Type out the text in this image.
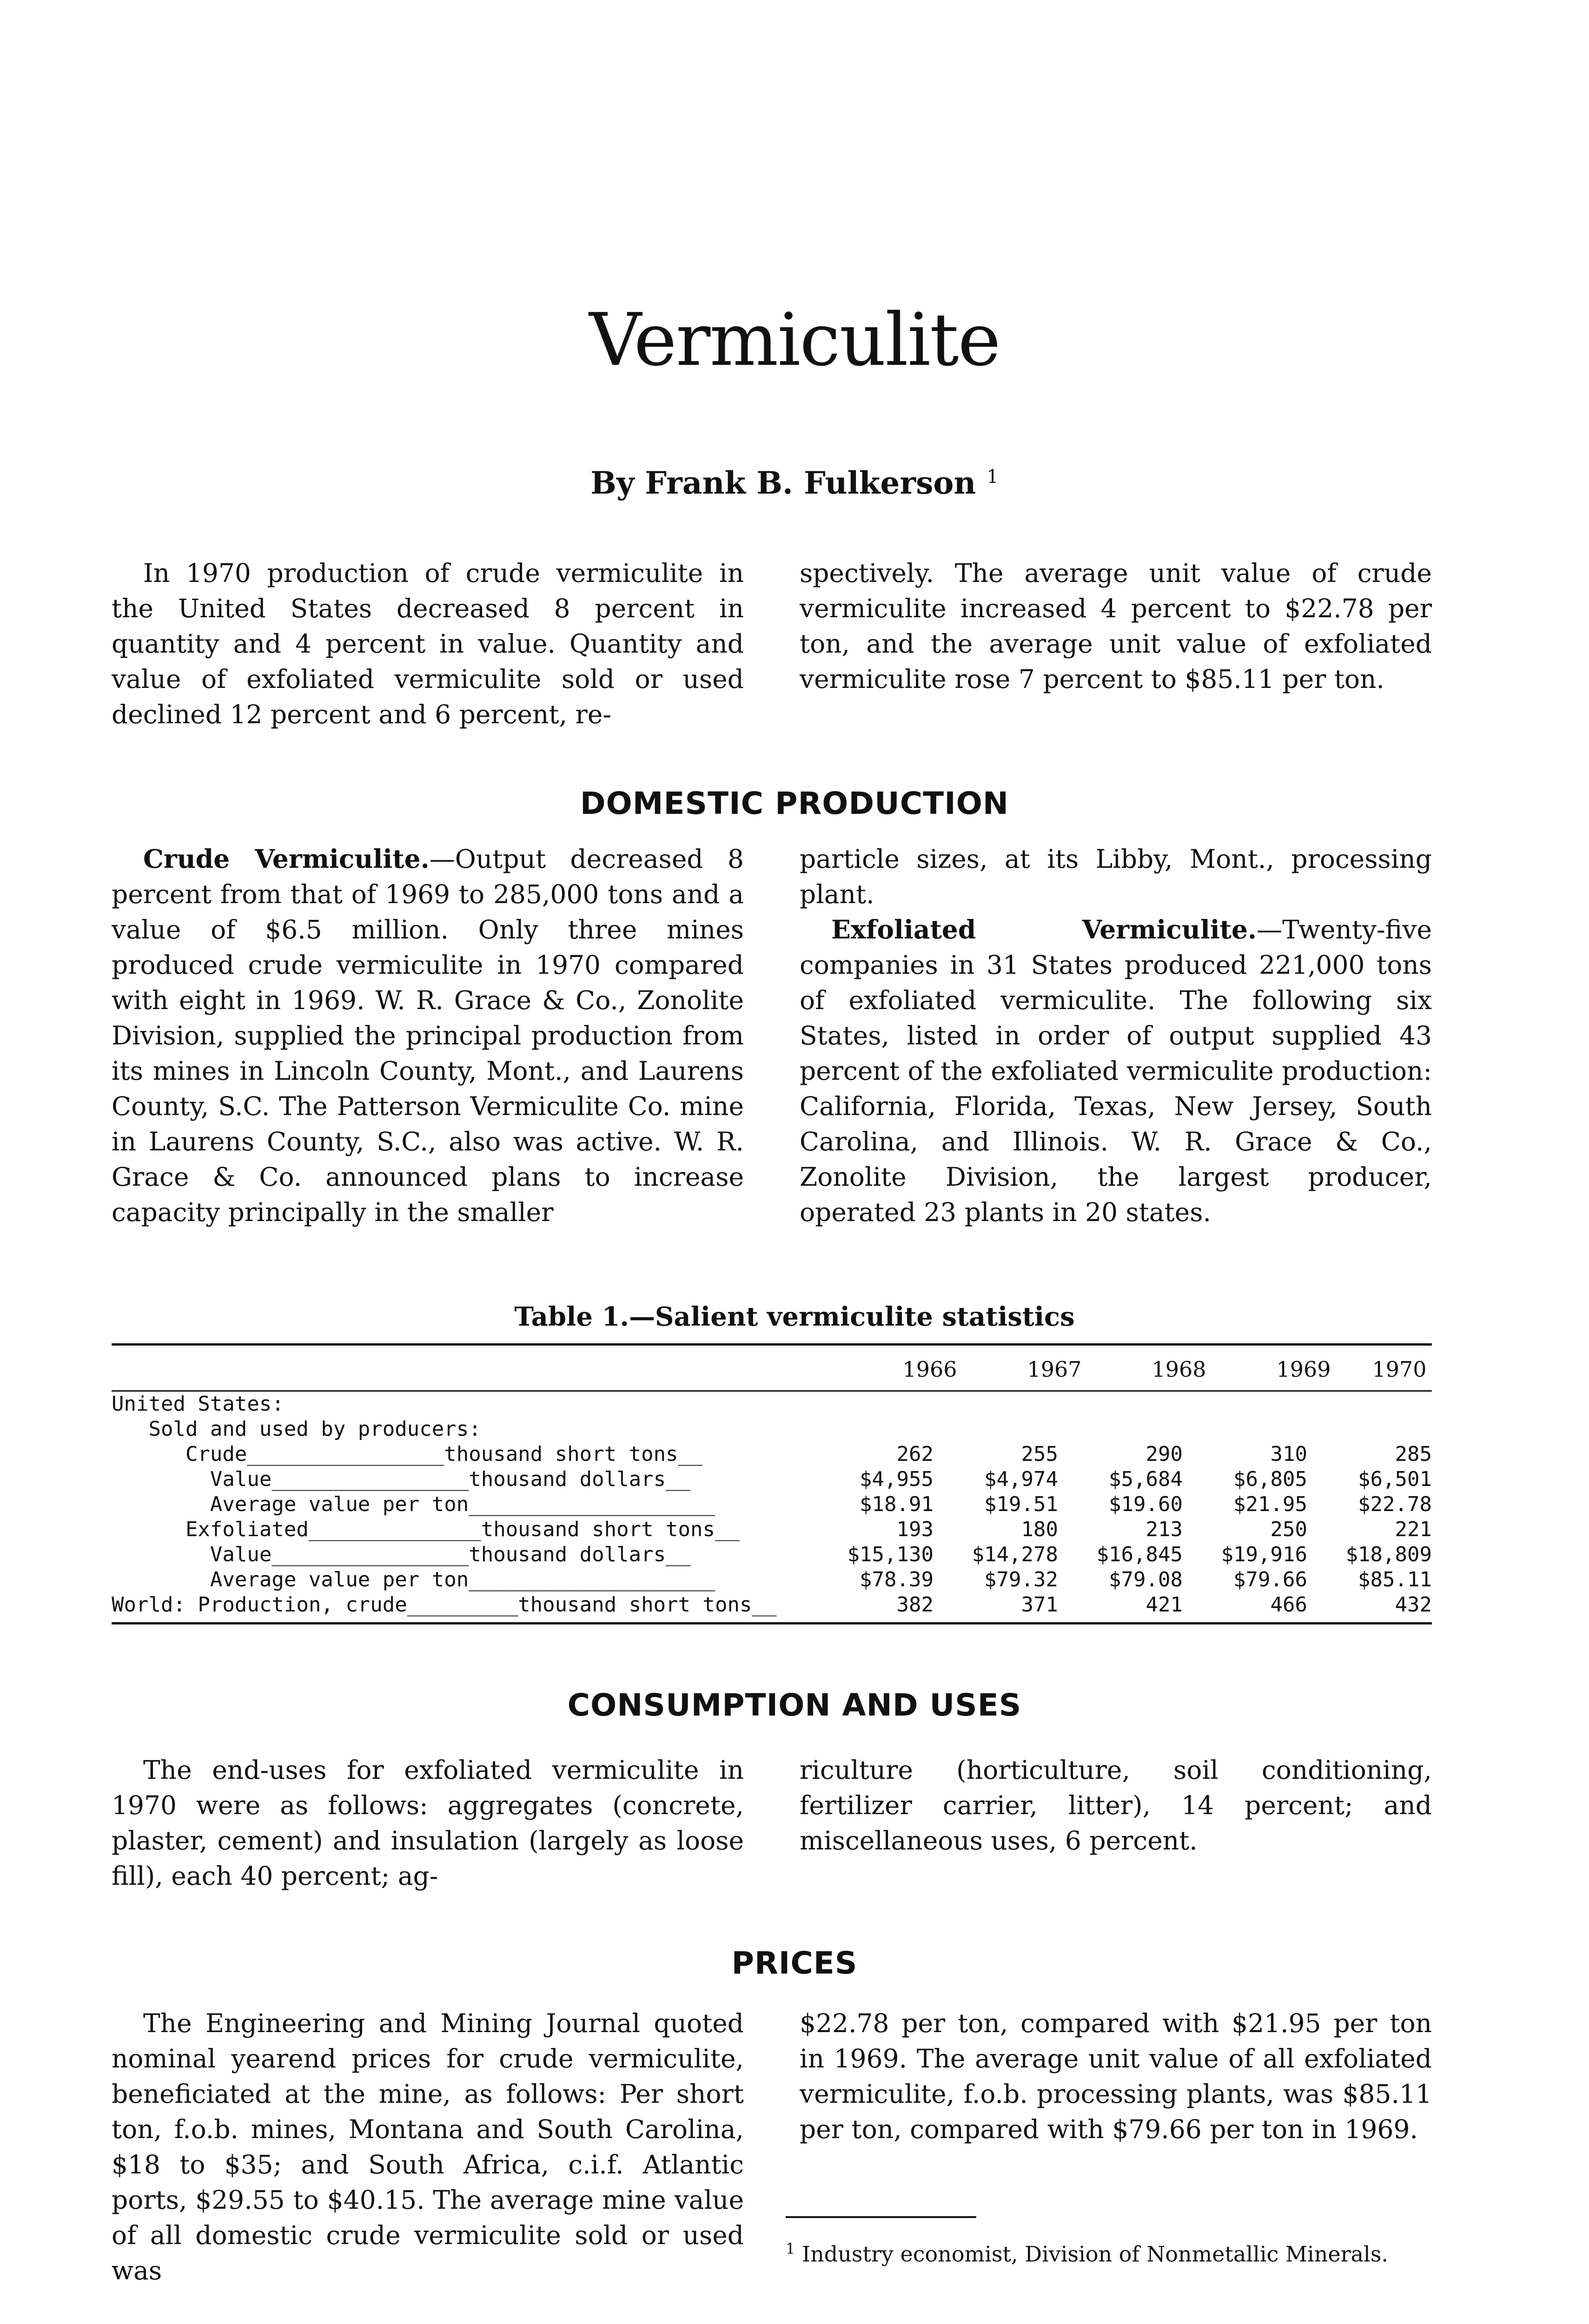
Vermiculite
By Frank B. Fulkerson $^1$

In 1970 production of crude vermiculite in the United States decreased 8 percent in quantity and 4 percent in value. Quantity and value of exfoliated vermiculite sold or used declined 12 percent and 6 percent, re-

spectively. The average unit value of crude vermiculite increased 4 percent to $22.78 per ton, and the average unit value of exfoliated vermiculite rose 7 percent to $85.11 per ton.

DOMESTIC PRODUCTION

Crude Vermiculite.—Output decreased 8 percent from that of 1969 to 285,000 tons and a value of $6.5 million. Only three mines produced crude vermiculite in 1970 compared with eight in 1969. W. R. Grace & Co., Zonolite Division, supplied the principal production from its mines in Lincoln County, Mont., and Laurens County, S.C. The Patterson Vermiculite Co. mine in Laurens County, S.C., also was active. W. R. Grace & Co. announced plans to increase capacity principally in the smaller

particle sizes, at its Libby, Mont., processing plant.

Exfoliated Vermiculite.—Twenty-five companies in 31 States produced 221,000 tons of exfoliated vermiculite. The following six States, listed in order of output supplied 43 percent of the exfoliated vermiculite production: California, Florida, Texas, New Jersey, South Carolina, and Illinois. W. R. Grace & Co., Zonolite Division, the largest producer, operated 23 plants in 20 states.

Table 1.—Salient vermiculite statistics
1966	1967	1968	1969	1970
United States:					
Sold and used by producers:					
Crude________________thousand short tons__	262	255	290	310	285
Value________________thousand dollars__	$4,955	$4,974	$5,684	$6,805	$6,501
Average value per ton____________________	$18.91	$19.51	$19.60	$21.95	$22.78
Exfoliated______________thousand short tons__	193	180	213	250	221
Value________________thousand dollars__	$15,130	$14,278	$16,845	$19,916	$18,809
Average value per ton____________________	$78.39	$79.32	$79.08	$79.66	$85.11
World: Production, crude_________thousand short tons__	382	371	421	466	432
CONSUMPTION AND USES

The end-uses for exfoliated vermiculite in 1970 were as follows: aggregates (concrete, plaster, cement) and insulation (largely as loose fill), each 40 percent; ag-

riculture (horticulture, soil conditioning, fertilizer carrier, litter), 14 percent; and miscellaneous uses, 6 percent.

PRICES

The Engineering and Mining Journal quoted nominal yearend prices for crude vermiculite, beneficiated at the mine, as follows: Per short ton, f.o.b. mines, Montana and South Carolina, $18 to $35; and South Africa, c.i.f. Atlantic ports, $29.55 to $40.15. The average mine value of all domestic crude vermiculite sold or used was

$22.78 per ton, compared with $21.95 per ton in 1969. The average unit value of all exfoliated vermiculite, f.o.b. processing plants, was $85.11 per ton, compared with $79.66 per ton in 1969.

$^1$ Industry economist, Division of Nonmetallic Minerals.
